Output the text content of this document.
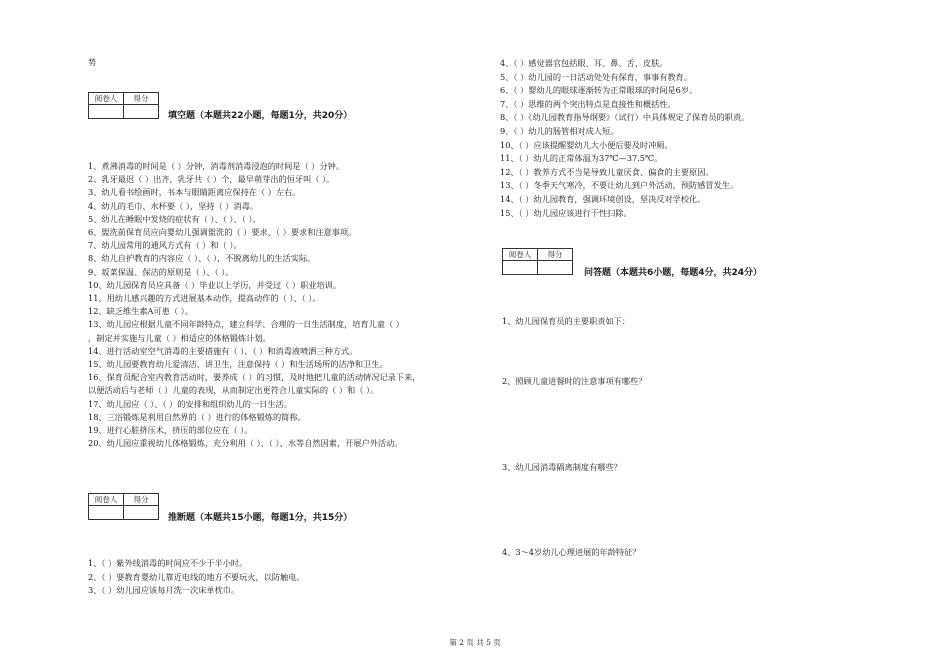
势
阅卷人	得分

填空题（本题共22小题，每题1分，共20分）
1、煮沸消毒的时间是（ ）分钟，消毒剂消毒浸泡的时间是（ ）分钟。
2、乳牙最迟（ ）出齐，乳牙共（ ）个，最早萌芽出的恒牙叫（ ）。
3、幼儿看书绘画时，书本与眼睛距离应保持在（ ）左右。
4、幼儿的毛巾、水杯要（ ），坚持（ ）消毒。
5、幼儿在睡眠中发烧的症状有（ ）、（ ）、（ ）。
6、盥洗前保育员应向婴幼儿强调盥洗的（ ）要求、（ ）要求和注意事项。
7、幼儿园常用的通风方式有（ ）和（ ）。
8、幼儿自护教育的内容应（ ）、（ ），不脱离幼儿的生活实际。
9、坂菜保温、保洁的原则是（ ）、（ ）。
10、幼儿园保育员应具备（ ）毕业以上学历，并受过（ ）职业培训。
11、用幼儿感兴趣的方式进展基本动作，提高动作的（ ）、（ ）。
12、缺乏维生素A可患（ ）。
13、幼儿园应根据儿童不同年龄特点，建立科学、合理的一日生活制度，培育儿童（ ）
，制定并实施与儿童（ ）相适应的体格锻炼计划。
14、进行活动室空气消毒的主要措施有（ ）、（ ）和消毒液喷洒三种方式。
15、幼儿园要教育幼儿爱清洁、讲卫生，注意保持（ ）和生活场所的洁净和卫生。
16、保育员配合室内教育活动时，要养成（ ）的习惯，及时地把儿童的活动情况记录下来，
以便活动后与老师（ ）儿童的表现，从而制定出更符合儿童实际的（ ）和（ ）。
17、幼儿园应（ ）、（ ）的安排和组织幼儿的一日生活。
18、三浴锻炼是利用自然界的（ ）进行的体格锻炼的简称。
19、进行心脏挤压术，挤压的部位应在（ ）。
20、幼儿园应重视幼儿体格锻炼，充分利用（ ）、（ ）、水等自然因素，开展户外活动。
阅卷人	得分

推断题（本题共15小题，每题1分，共15分）
1、（ ）紫外线消毒的时间应不少于半小时。
2、（ ）要教育婴幼儿靠近电线的地方不要玩火，以防触电。
3、（ ）幼儿园应该每月洗一次床单枕巾。
4、（ ）感觉器官包括眼、耳、鼻、舌、皮肤。
5、（ ）幼儿园的一日活动处处有保育，事事有教育。
6、（ ）婴幼儿的眼球逐渐转为正常眼球的时间是6岁。
7、（ ）思维的两个突出特点是直接性和概括性。
8、（ ）《幼儿园教育指导纲要》（试行）中具体规定了保育员的职责。
9、（ ）幼儿的肠管相对成人短。
10、（ ）应该提醒婴幼儿大小便后要及时冲厕。
11、（ ）幼儿的正常体温为37℃—37.5℃。
12、（ ）教养方式不当是导致儿童厌食、偏食的主要原因。
13、（ ）冬季天气寒冷，不要让幼儿到户外活动，预防感冒发生。
14、（ ）幼儿园教育，强调环境创设，坚决反对学校化。
15、（ ）幼儿园应该进行干性扫除。
阅卷人	得分

问答题（本题共6小题，每题4分，共24分）
1、幼儿园保育员的主要职责如下：
2、照顾儿童进餐时的注意事项有哪些？
3、幼儿园消毒隔离制度有哪些？
4、3～4岁幼儿心理进展的年龄特征？
第 2 页 共 5 页
